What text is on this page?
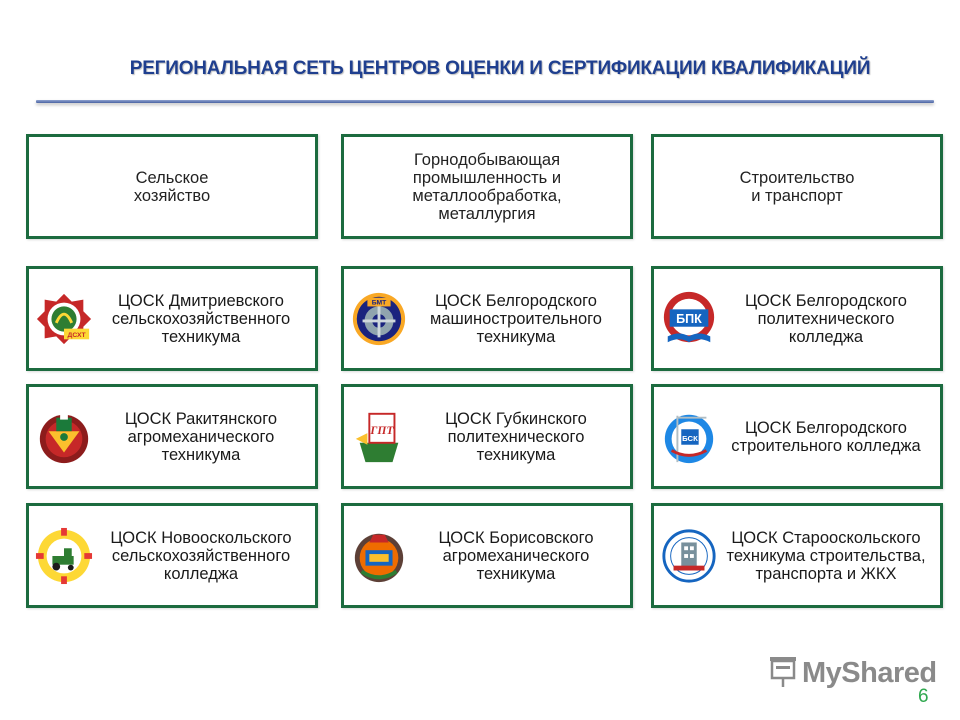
РЕГИОНАЛЬНАЯ СЕТЬ ЦЕНТРОВ ОЦЕНКИ И СЕРТИФИКАЦИИ КВАЛИФИКАЦИЙ
Сельское
хозяйство
Горнодобывающая
промышленность и
металлообработка,
металлургия
Строительство
и транспорт
ДСХТ
ЦОСК Дмитриевского
сельскохозяйственного
техникума
ЦОСК Ракитянского
агромеханического
техникума
ЦОСК Новооскольского
сельскохозяйственного
колледжа
БМТ	ЦОСК Белгородского
машиностроительного
техникума
ГПТ
ЦОСК Губкинского
политехнического
техникума
ЦОСК Борисовского
агромеханического
техникума
БПК
ЦОСК Белгородского
политехнического
колледжа
БСК
ЦОСК Белгородского
строительного колледжа
ЦОСК Старооскольского
техникума строительства,
транспорта и ЖКХ
MyShared
6
